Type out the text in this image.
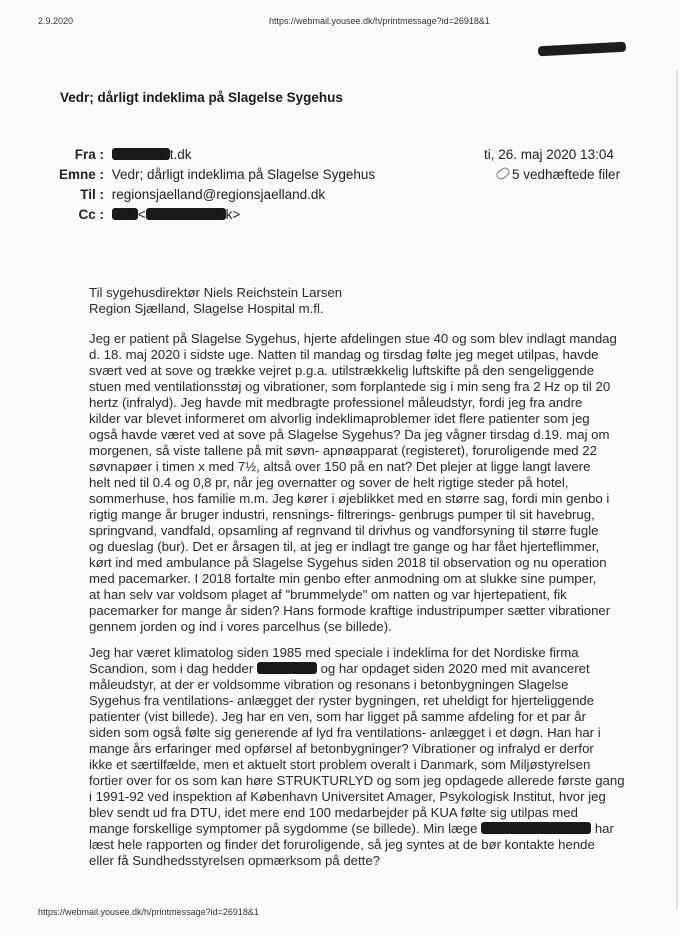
2.9.2020	https://webmail.yousee.dk/h/printmessage?id=26918&1
Vedr; dårligt indeklima på Slagelse Sygehus
Fra :	t.dk
Emne : Vedr; dårligt indeklima på Slagelse Sygehus
Til : regionsjaelland@regionsjaelland.dk
Cc :	<	k>
ti, 26. maj 2020 13:04
5 vedhæftede filer
Til sygehusdirektør Niels Reichstein Larsen
Region Sjælland, Slagelse Hospital m.fl.
Jeg er patient på Slagelse Sygehus, hjerte afdelingen stue 40 og som blev indlagt mandag
d. 18. maj 2020 i sidste uge. Natten til mandag og tirsdag følte jeg meget utilpas, havde
svært ved at sove og trække vejret p.g.a. utilstrækkelig luftskifte på den sengeliggende
stuen med ventilationsstøj og vibrationer, som forplantede sig i min seng fra 2 Hz op til 20
hertz (infralyd). Jeg havde mit medbragte professionel måleudstyr, fordi jeg fra andre
kilder var blevet informeret om alvorlig indeklimaproblemer idet flere patienter som jeg
også havde været ved at sove på Slagelse Sygehus? Da jeg vågner tirsdag d.19. maj om
morgenen, så viste tallene på mit søvn- apnøapparat (registeret), foruroligende med 22
søvnapøer i timen x med 7½, altså over 150 på en nat? Det plejer at ligge langt lavere
helt ned til 0.4 og 0,8 pr, når jeg overnatter og sover de helt rigtige steder på hotel,
sommerhuse, hos familie m.m. Jeg kører i øjeblikket med en større sag, fordi min genbo i
rigtig mange år bruger industri, rensnings- filtrerings- genbrugs pumper til sit havebrug,
springvand, vandfald, opsamling af regnvand til drivhus og vandforsyning til større fugle
og dueslag (bur). Det er årsagen til, at jeg er indlagt tre gange og har fået hjerteflimmer,
kørt ind med ambulance på Slagelse Sygehus siden 2018 til observation og nu operation
med pacemarker. I 2018 fortalte min genbo efter anmodning om at slukke sine pumper,
at han selv var voldsom plaget af "brummelyde" om natten og var hjertepatient, fik
pacemarker for mange år siden? Hans formode kraftige industripumper sætter vibrationer
gennem jorden og ind i vores parcelhus (se billede).
Jeg har været klimatolog siden 1985 med speciale i indeklima for det Nordiske firma
Scandion, som i dag hedder	og har opdaget siden 2020 med mit avanceret
måleudstyr, at der er voldsomme vibration og resonans i betonbygningen Slagelse
Sygehus fra ventilations- anlægget der ryster bygningen, ret uheldigt for hjerteliggende
patienter (vist billede). Jeg har en ven, som har ligget på samme afdeling for et par år
siden som også følte sig generende af lyd fra ventilations- anlægget i et døgn. Han har i
mange års erfaringer med opførsel af betonbygninger? Vibrationer og infralyd er derfor
ikke et særtilfælde, men et aktuelt stort problem overalt i Danmark, som Miljøstyrelsen
fortier over for os som kan høre STRUKTURLYD og som jeg opdagede allerede første gang
i 1991-92 ved inspektion af København Universitet Amager, Psykologisk Institut, hvor jeg
blev sendt ud fra DTU, idet mere end 100 medarbejder på KUA følte sig utilpas med
mange forskellige symptomer på sygdomme (se billede). Min læge	har
læst hele rapporten og finder det foruroligende, så jeg syntes at de bør kontakte hende
eller få Sundhedsstyrelsen opmærksom på dette?
https://webmail.yousee.dk/h/printmessage?id=26918&1
